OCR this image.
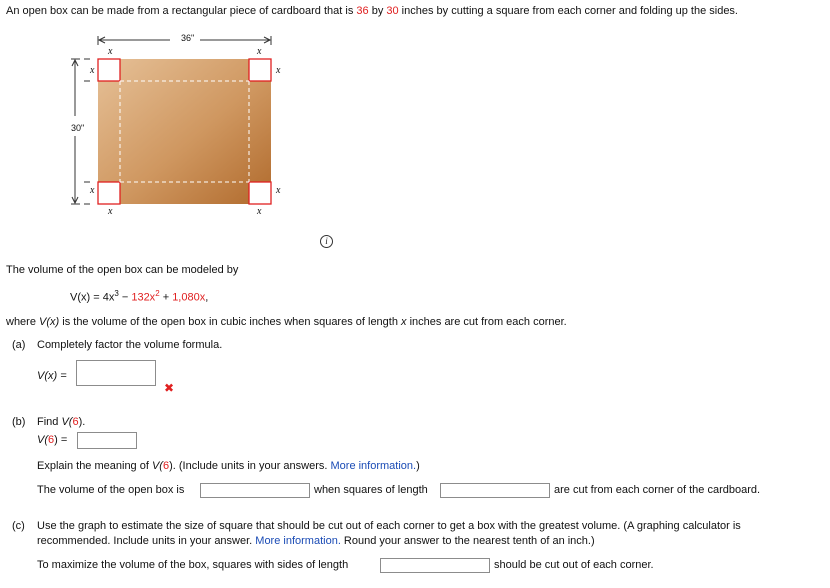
An open box can be made from a rectangular piece of cardboard that is 36 by 30 inches by cutting a square from each corner and folding up the sides.
36"
30"
x	x
x	x
x	x
x	x
i
The volume of the open box can be modeled by
$V(x) = 4x^3 - 132x^2 + 1,080x$,
where V(x) is the volume of the open box in cubic inches when squares of length x inches are cut from each corner.
(a) Completely factor the volume formula.
V(x) =
✖
(b) Find V(6).
V(6) =
Explain the meaning of V(6). (Include units in your answers. More information.)
The volume of the open box is	when squares of length	are cut from each corner of the cardboard.
(c) Use the graph to estimate the size of square that should be cut out of each corner to get a box with the greatest volume. (A graphing calculator is
recommended. Include units in your answer. More information. Round your answer to the nearest tenth of an inch.)
To maximize the volume of the box, squares with sides of length	should be cut out of each corner.
